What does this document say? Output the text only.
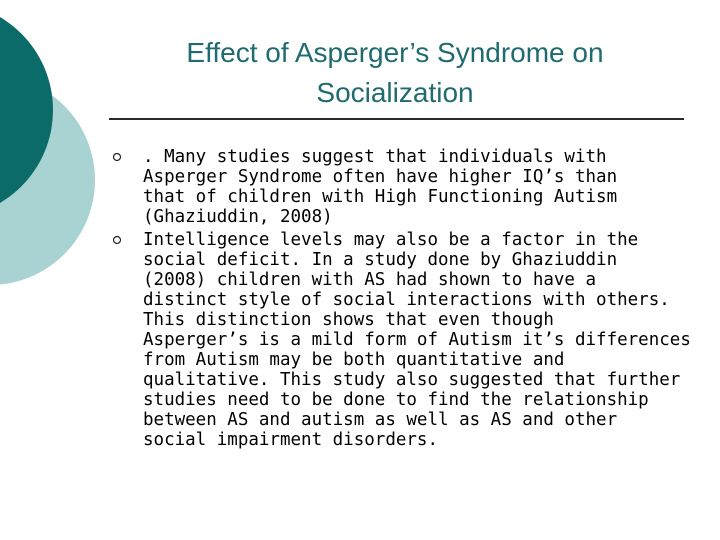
Effect of Asperger’s Syndrome on
Socialization
. Many studies suggest that individuals with
Asperger Syndrome often have higher IQ’s than
that of children with High Functioning Autism
(Ghaziuddin, 2008)
Intelligence levels may also be a factor in the
social deficit. In a study done by Ghaziuddin
(2008) children with AS had shown to have a
distinct style of social interactions with others.
This distinction shows that even though
Asperger’s is a mild form of Autism it’s differences
from Autism may be both quantitative and
qualitative. This study also suggested that further
studies need to be done to find the relationship
between AS and autism as well as AS and other
social impairment disorders.
